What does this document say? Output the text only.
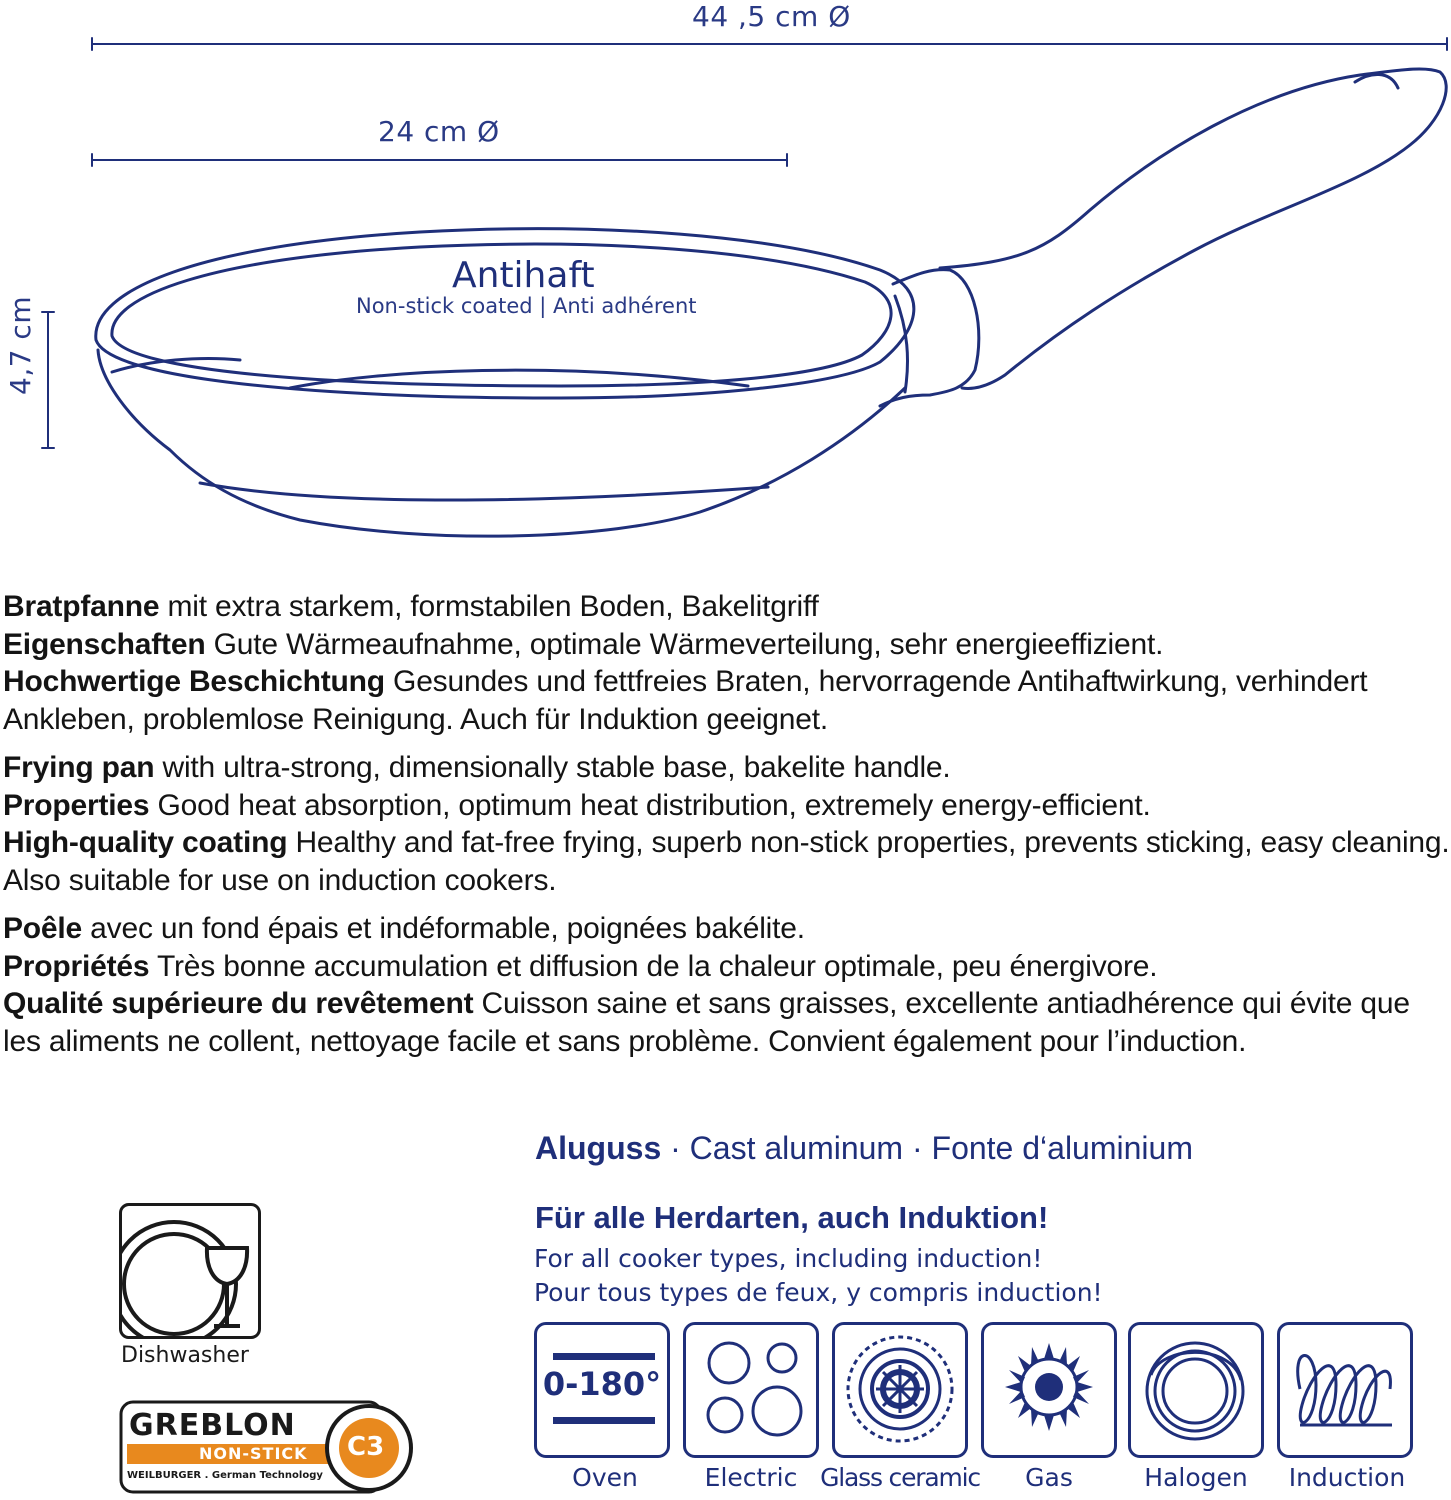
44 ,5 cm Ø
24 cm Ø
4,7 cm
Antihaft
Non-stick coated | Anti adhérent

Bratpfanne mit extra starkem, formstabilen Boden, Bakelitgriff

Eigenschaften Gute Wärmeaufnahme, optimale Wärmeverteilung, sehr energieeffizient.

Hochwertige Beschichtung Gesundes und fettfreies Braten, hervorragende Antihaftwirkung, verhindert Ankleben, problemlose Reinigung. Auch für Induktion geeignet.

Frying pan with ultra-strong, dimensionally stable base, bakelite handle.

Properties Good heat absorption, optimum heat distribution, extremely energy-efficient.

High-quality coating Healthy and fat-free frying, superb non-stick properties, prevents sticking, easy cleaning. Also suitable for use on induction cookers.

Poêle avec un fond épais et indéformable, poignées bakélite.

Propriétés Très bonne accumulation et diffusion de la chaleur optimale, peu énergivore.

Qualité supérieure du revêtement Cuisson saine et sans graisses, excellente antiadhérence qui évite que les aliments ne collent, nettoyage facile et sans problème. Convient également pour l’induction.

Aluguss · Cast aluminum · Fonte d‘aluminium
Für alle Herdarten, auch Induktion!
For all cooker types, including induction!
Pour tous types de feux, y compris induction!
Dishwasher
GREBLON
NON-STICK C3
WEILBURGER . German Technology
0-180°
Oven	Electric Glass ceramic	Gas	Halogen	Induction
